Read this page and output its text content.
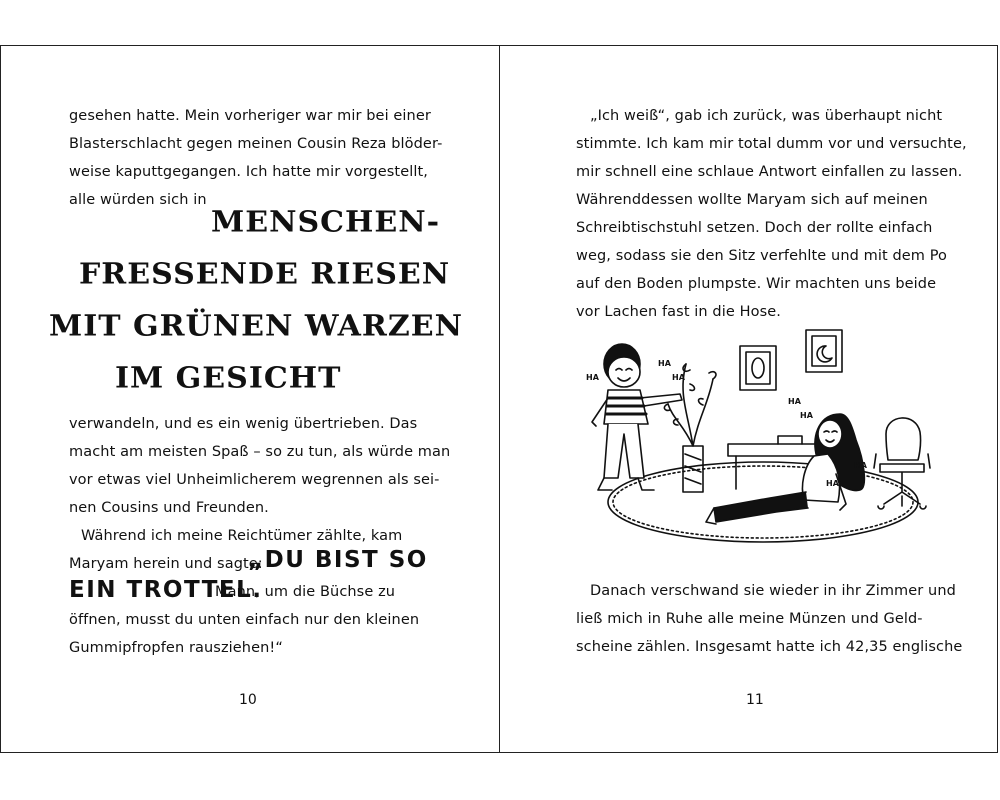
gesehen hatte. Mein vorheriger war mir bei einer
Blasterschlacht gegen meinen Cousin Reza blöder-
weise kaputtgegangen. Ich hatte mir vorgestellt,
alle würden sich in
MENSCHEN-
FRESSENDE RIESEN
MIT GRÜNEN WARZEN
IM GESICHT
verwandeln, und es ein wenig übertrieben. Das
macht am meisten Spaß – so zu tun, als würde man
vor etwas viel Unheimlicherem wegrennen als sei-
nen Cousins und Freunden.
Während ich meine Reichtümer zählte, kam
Maryam herein und sagte:
„DU BIST SO
EIN TROTTEL.
Mann, um die Büchse zu
öffnen, musst du unten einfach nur den kleinen
Gummipfropfen rausziehen!“
10
„Ich weiß“, gab ich zurück, was überhaupt nicht
stimmte. Ich kam mir total dumm vor und versuchte,
mir schnell eine schlaue Antwort einfallen zu lassen.
Währenddessen wollte Maryam sich auf meinen
Schreibtischstuhl setzen. Doch der rollte einfach
weg, sodass sie den Sitz verfehlte und mit dem Po
auf den Boden plumpste. Wir machten uns beide
vor Lachen fast in die Hose.
HA
HA
HA
HA
HA
HA
HA
Danach verschwand sie wieder in ihr Zimmer und
ließ mich in Ruhe alle meine Münzen und Geld-
scheine zählen. Insgesamt hatte ich 42,35 englische
11
